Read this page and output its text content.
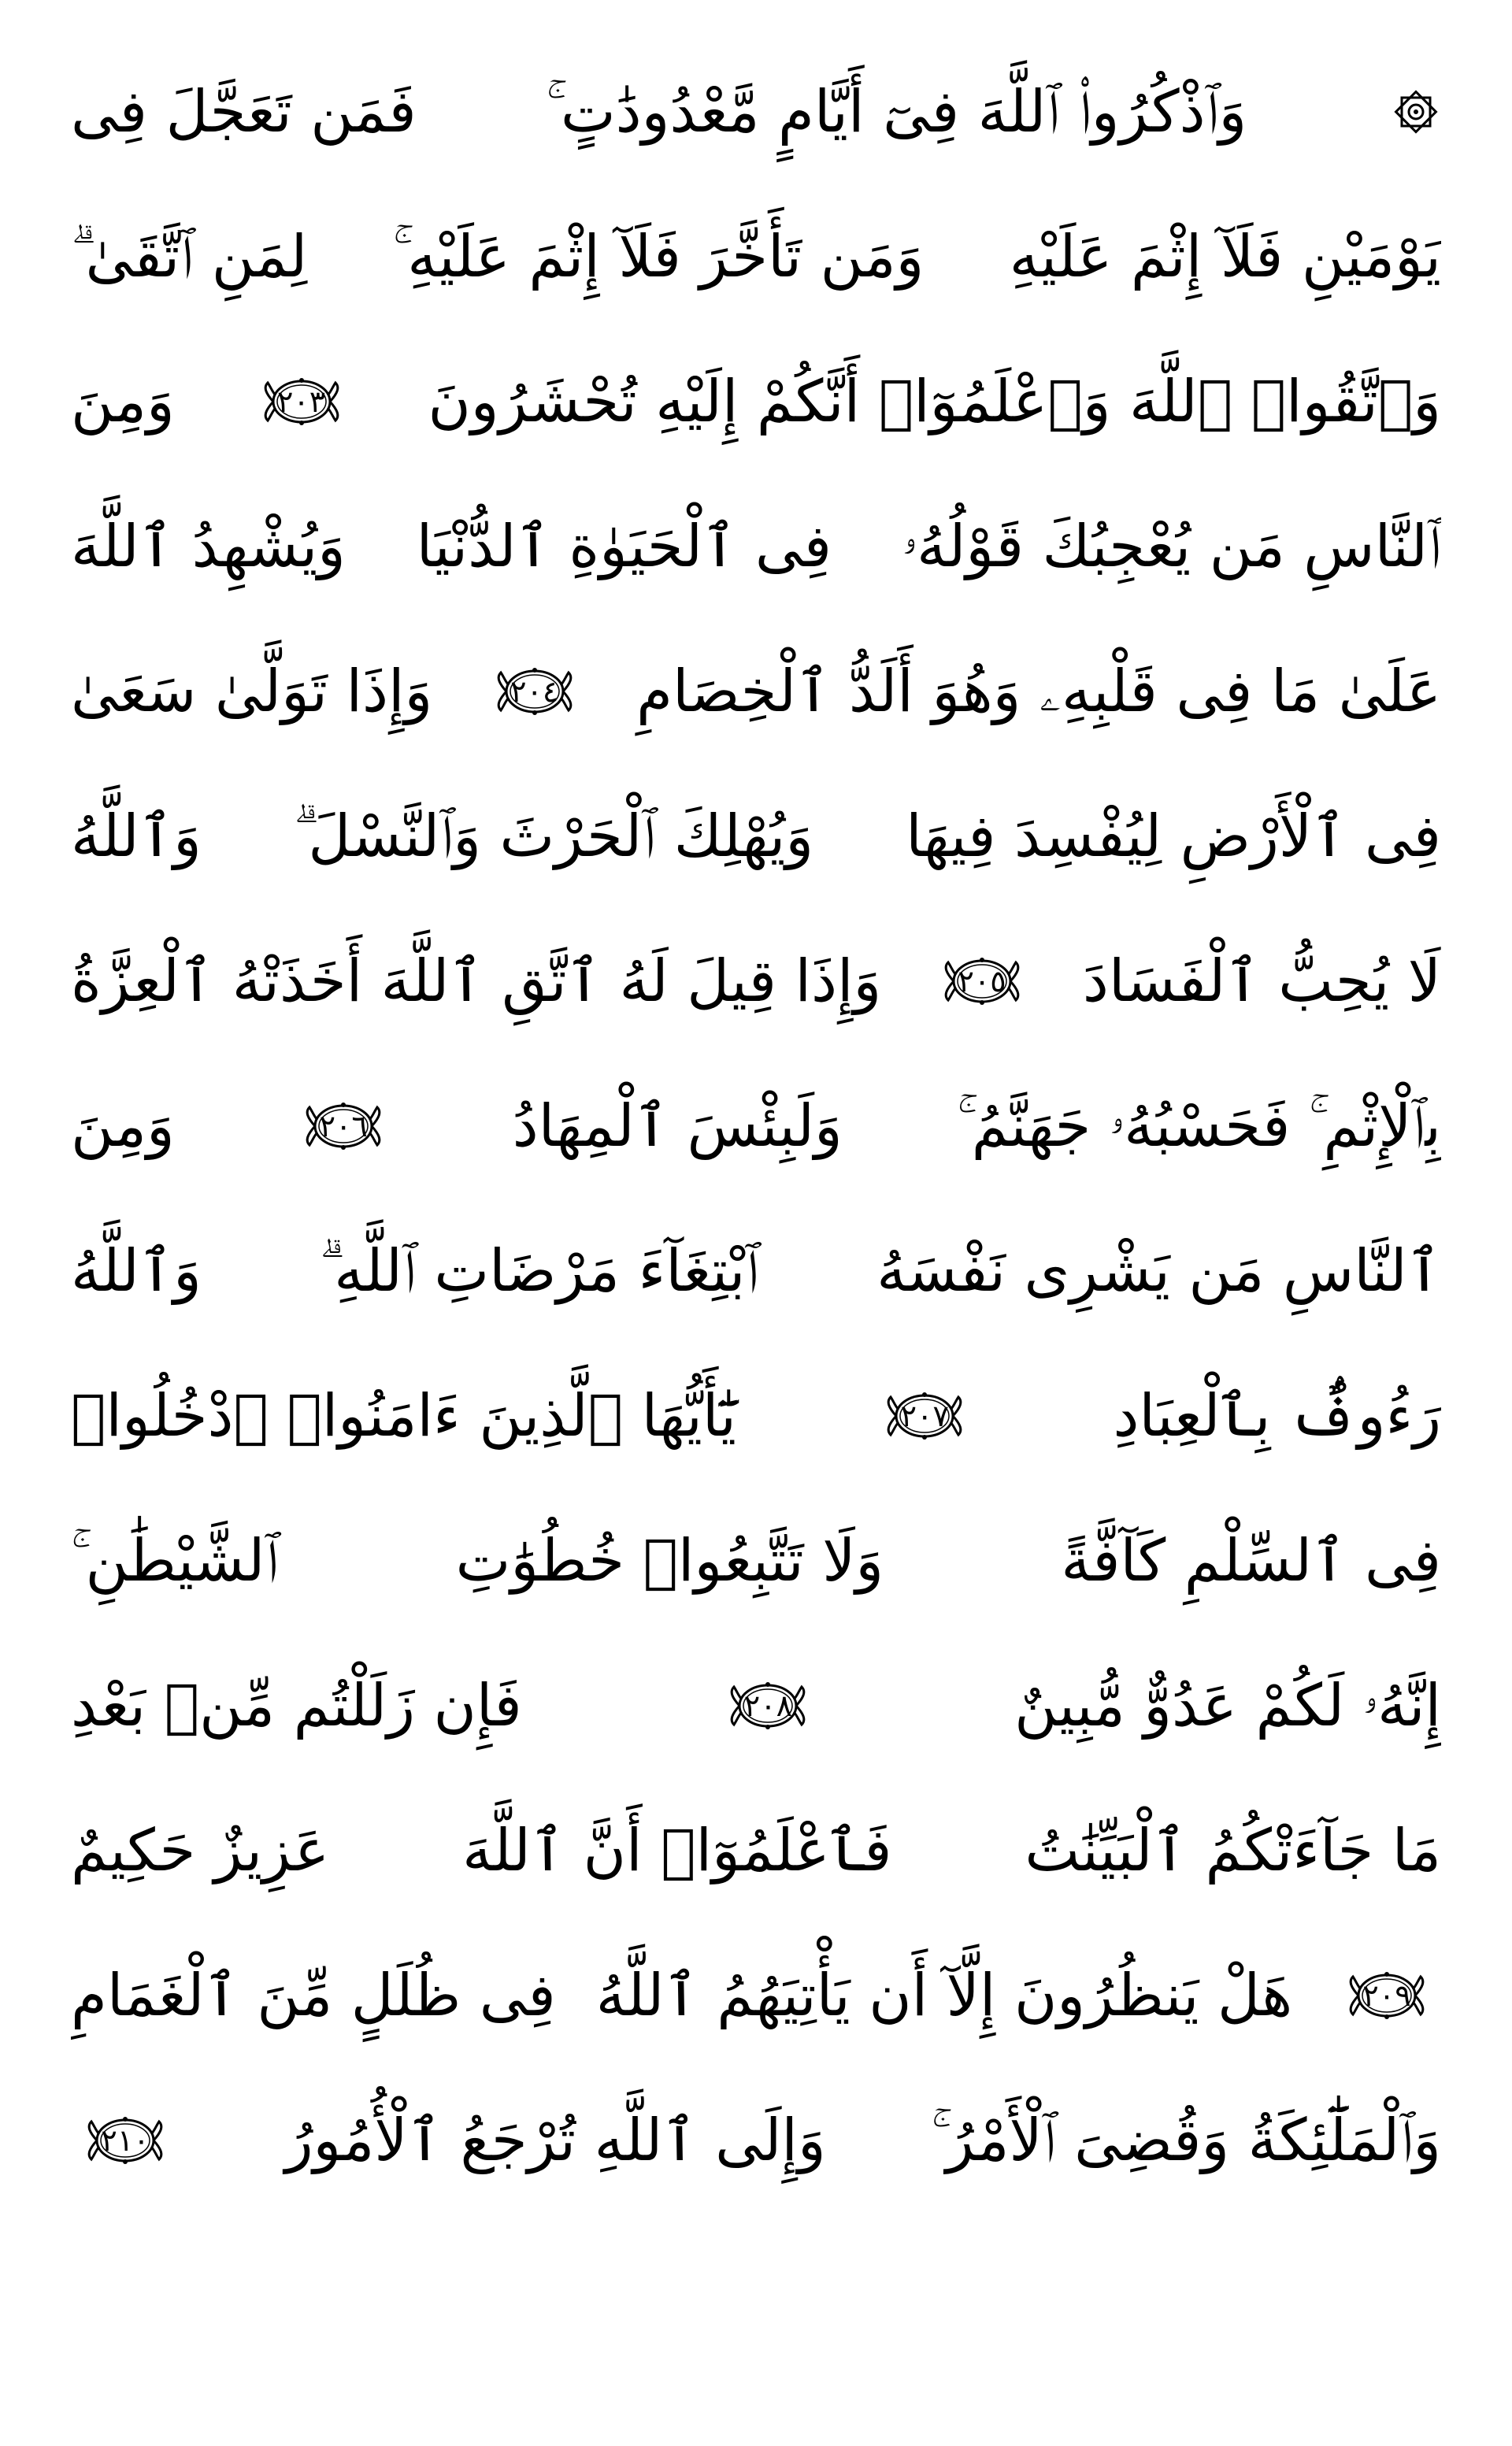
وَٱذْكُرُوا۟ ٱللَّهَ فِىٓ أَيَّامٍ مَّعْدُودَٰتٍ ۚ
فَمَن تَعَجَّلَ فِى
يَوْمَيْنِ فَلَآ إِثْمَ عَلَيْهِ
وَمَن تَأَخَّرَ فَلَآ إِثْمَ عَلَيْهِ ۚ
لِمَنِ ٱتَّقَىٰ ۗ
وَٱتَّقُوا۟ ٱللَّهَ وَٱعْلَمُوٓا۟ أَنَّكُمْ إِلَيْهِ تُحْشَرُونَ
٢٠٣
وَمِنَ
ٱلنَّاسِ مَن يُعْجِبُكَ قَوْلُهُۥ
فِى ٱلْحَيَوٰةِ ٱلدُّنْيَا
وَيُشْهِدُ ٱللَّهَ
عَلَىٰ مَا فِى قَلْبِهِۦ وَهُوَ أَلَدُّ ٱلْخِصَامِ
٢٠٤
وَإِذَا تَوَلَّىٰ سَعَىٰ
فِى ٱلْأَرْضِ لِيُفْسِدَ فِيهَا
وَيُهْلِكَ ٱلْحَرْثَ وَٱلنَّسْلَ ۗ
وَٱللَّهُ
لَا يُحِبُّ ٱلْفَسَادَ
٢٠٥
وَإِذَا قِيلَ لَهُ ٱتَّقِ ٱللَّهَ أَخَذَتْهُ ٱلْعِزَّةُ
بِٱلْإِثْمِ ۚ فَحَسْبُهُۥ جَهَنَّمُ ۚ
وَلَبِئْسَ ٱلْمِهَادُ
٢٠٦
وَمِنَ
ٱلنَّاسِ مَن يَشْرِى نَفْسَهُ
ٱبْتِغَآءَ مَرْضَاتِ ٱللَّهِ ۗ
وَٱللَّهُ
رَءُوفٌۢ بِٱلْعِبَادِ
٢٠٧
يَٰٓأَيُّهَا ٱلَّذِينَ ءَامَنُوا۟ ٱدْخُلُوا۟
فِى ٱلسِّلْمِ كَآفَّةً
وَلَا تَتَّبِعُوا۟ خُطُوَٰتِ
ٱلشَّيْطَٰنِ ۚ
إِنَّهُۥ لَكُمْ عَدُوٌّ مُّبِينٌ
٢٠٨
فَإِن زَلَلْتُم مِّنۢ بَعْدِ
مَا جَآءَتْكُمُ ٱلْبَيِّنَٰتُ
فَٱعْلَمُوٓا۟ أَنَّ ٱللَّهَ
عَزِيزٌ حَكِيمٌ
٢٠٩
هَلْ يَنظُرُونَ إِلَّآ أَن يَأْتِيَهُمُ ٱللَّهُ
فِى ظُلَلٍ مِّنَ ٱلْغَمَامِ
وَٱلْمَلَٰٓئِكَةُ وَقُضِىَ ٱلْأَمْرُ ۚ
وَإِلَى ٱللَّهِ تُرْجَعُ ٱلْأُمُورُ
٢١٠
